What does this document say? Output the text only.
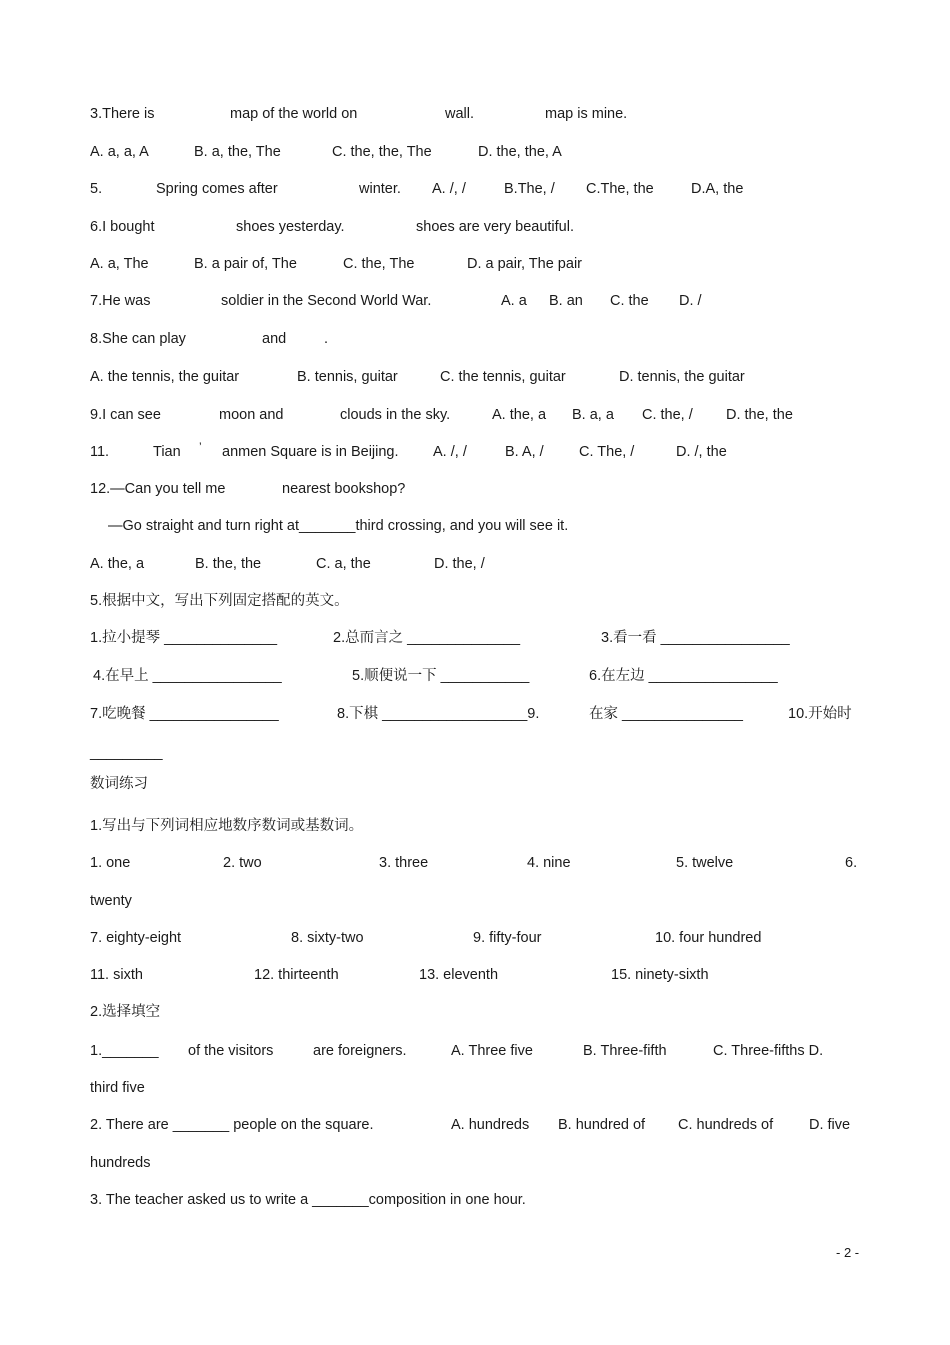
- 2 -
3.There is	map of the world on	wall.	map is mine.
A. a, a, A	B. a, the, The	C. the, the, The	D. the, the, A
5.	Spring comes after	winter. A. /, /	B.The, / C.The, the	D.A, the
6.I bought	shoes yesterday.	shoes are very beautiful.
A. a, The	B. a pair of, The	C. the, The	D. a pair, The pair
7.He was	soldier in the Second World War.	A. a B. an C. the D. /
8.She can play	and	.
A. the tennis, the guitar	B. tennis, guitar	C. the tennis, guitar	D. tennis, the guitar
9.I can see	moon and	clouds in the sky.	A. the, a B. a, a C. the, / D. the, the
11.	Tian ’ anmen Square is in Beijing. A. /, /	B. A, / C. The, /	D. /, the
12.—Can you tell me	nearest bookshop?
—Go straight and turn right at_______third crossing, and you will see it.
A. the, a	B. the, the	C. a, the	D. the, /
5.根据中文，写出下列固定搭配的英文。
1.拉小提琴 ______________	2.总而言之 ______________	3.看一看 ________________
4.在早上 ________________	5.顺便说一下 ___________	6.在左边 ________________
7.吃晚餐 ________________	8.下棋 __________________9.	在家 _______________	10.开始时
_________
数词练习
1.写出与下列词相应地数序数词或基数词。
1. one	2. two	3. three	4. nine	5. twelve	6.
twenty
7. eighty-eight	8. sixty-two	9. fifty-four	10. four hundred
11. sixth	12. thirteenth	13. eleventh	15. ninety-sixth
2.选择填空
1._______ of the visitors	are foreigners.	A. Three five	B. Three-fifth	C. Three-fifths D.
third five
2. There are _______ people on the square.	A. hundreds B. hundred of C. hundreds of D. five
hundreds
3. The teacher asked us to write a _______composition in one hour.
